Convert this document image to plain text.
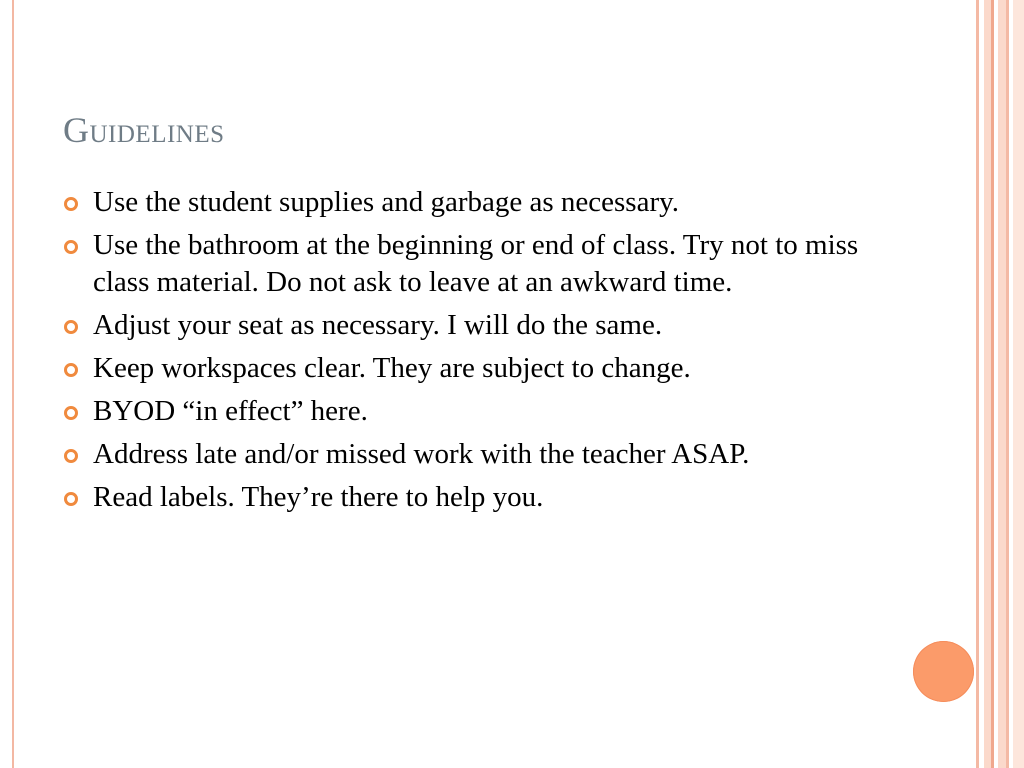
Guidelines
Use the student supplies and garbage as necessary.
Use the bathroom at the beginning or end of class. Try not to miss class material. Do not ask to leave at an awkward time.
Adjust your seat as necessary. I will do the same.
Keep workspaces clear. They are subject to change.
BYOD “in effect” here.
Address late and/or missed work with the teacher ASAP.
Read labels. They’re there to help you.
